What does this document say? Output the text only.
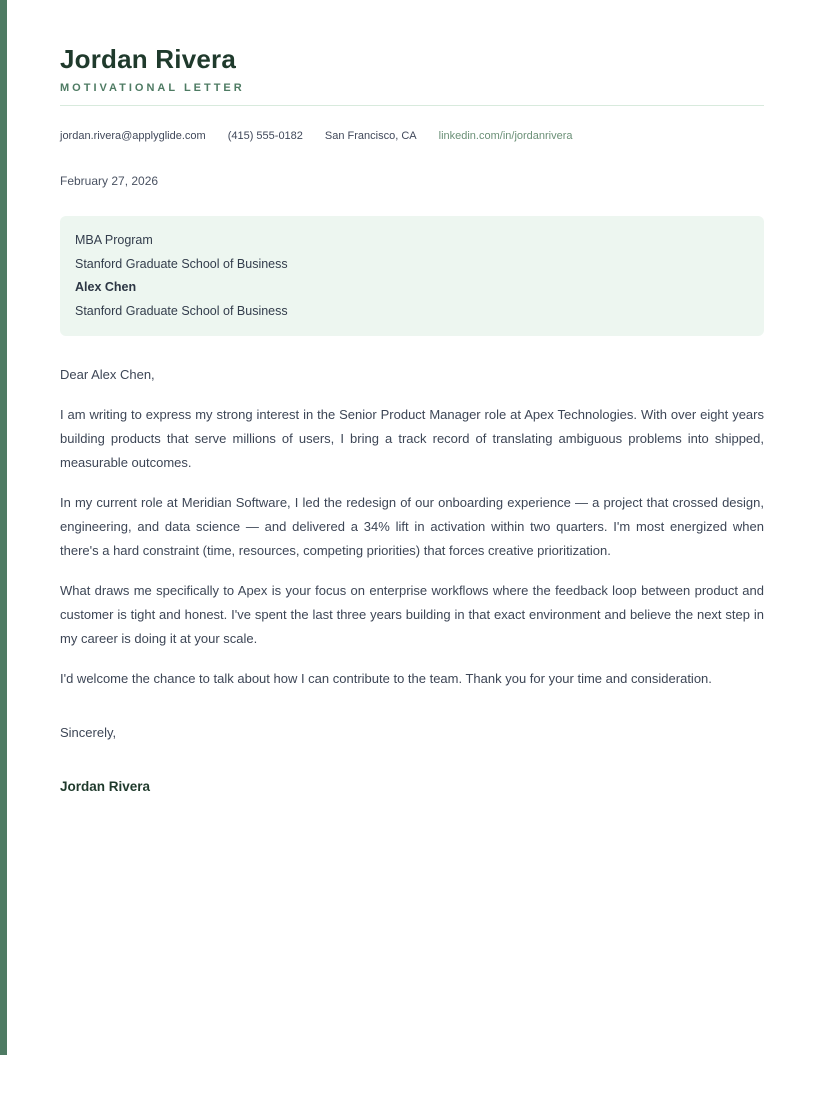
Jordan Rivera
MOTIVATIONAL LETTER
jordan.rivera@applyglide.com (415) 555-0182 San Francisco, CA linkedin.com/in/jordanrivera
February 27, 2026
MBA Program
Stanford Graduate School of Business
Alex Chen
Stanford Graduate School of Business
Dear Alex Chen,

I am writing to express my strong interest in the Senior Product Manager role at Apex Technologies. With over eight years building products that serve millions of users, I bring a track record of translating ambiguous problems into shipped, measurable outcomes.

In my current role at Meridian Software, I led the redesign of our onboarding experience — a project that crossed design, engineering, and data science — and delivered a 34% lift in activation within two quarters. I'm most energized when there's a hard constraint (time, resources, competing priorities) that forces creative prioritization.

What draws me specifically to Apex is your focus on enterprise workflows where the feedback loop between product and customer is tight and honest. I've spent the last three years building in that exact environment and believe the next step in my career is doing it at your scale.

I'd welcome the chance to talk about how I can contribute to the team. Thank you for your time and consideration.

Sincerely,
Jordan Rivera
